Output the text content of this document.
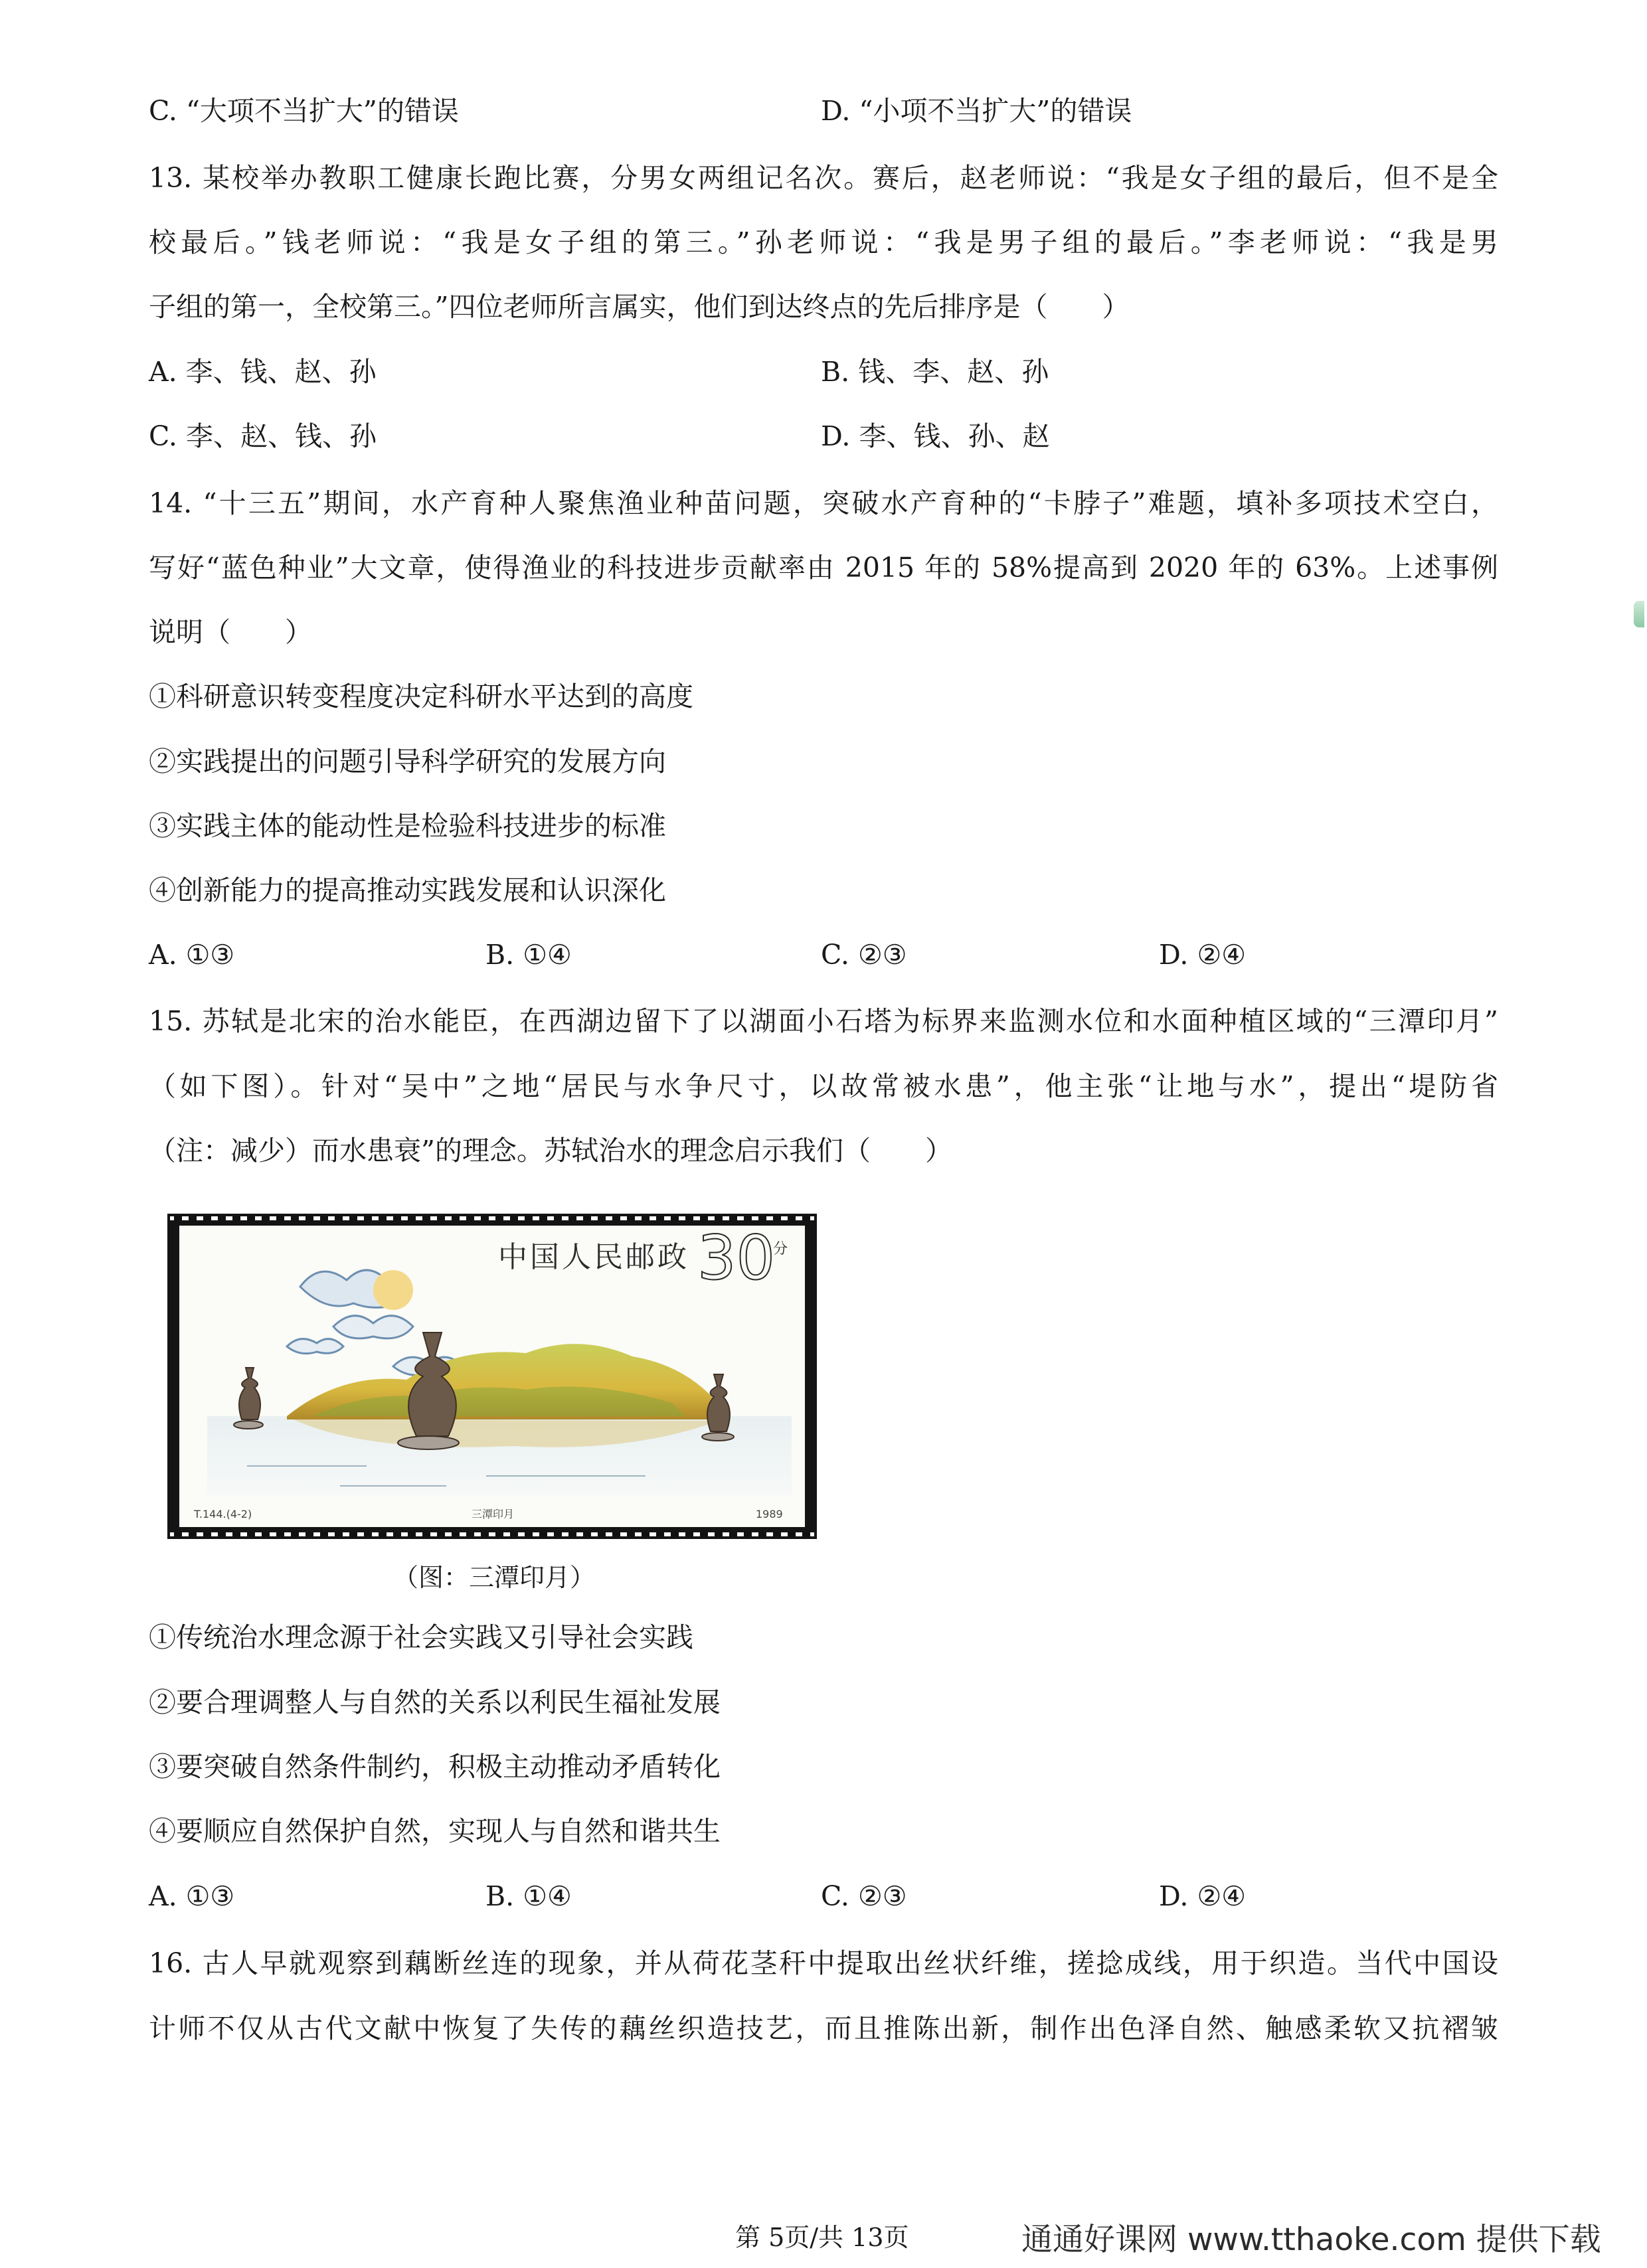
C. “大项不当扩大”的错误	D. “小项不当扩大”的错误
13. 某校举办教职工健康长跑比赛，分男女两组记名次。赛后，赵老师说：“我是女子组的最后，但不是全
校最后。”钱老师说：“我是女子组的第三。”孙老师说：“我是男子组的最后。”李老师说：“我是男
子组的第一，全校第三。”四位老师所言属实，他们到达终点的先后排序是（　　）
A. 李、钱、赵、孙	B. 钱、李、赵、孙
C. 李、赵、钱、孙	D. 李、钱、孙、赵
14. “十三五”期间，水产育种人聚焦渔业种苗问题，突破水产育种的“卡脖子”难题，填补多项技术空白，
写好“蓝色种业”大文章，使得渔业的科技进步贡献率由 2015 年的 58%提高到 2020 年的 63%。上述事例
说明（　　）
①科研意识转变程度决定科研水平达到的高度
②实践提出的问题引导科学研究的发展方向
③实践主体的能动性是检验科技进步的标准
④创新能力的提高推动实践发展和认识深化
A. ①③	B. ①④	C. ②③	D. ②④
15. 苏轼是北宋的治水能臣，在西湖边留下了以湖面小石塔为标界来监测水位和水面种植区域的“三潭印月”
（如下图）。针对“吴中”之地“居民与水争尺寸，以故常被水患”，他主张“让地与水”，提出“堤防省
（注：减少）而水患衰”的理念。苏轼治水的理念启示我们（　　）
中国人民邮政 30
分
T.144.(4-2)	三潭印月	1989
（图：三潭印月）
①传统治水理念源于社会实践又引导社会实践
②要合理调整人与自然的关系以利民生福祉发展
③要突破自然条件制约，积极主动推动矛盾转化
④要顺应自然保护自然，实现人与自然和谐共生
A. ①③	B. ①④	C. ②③	D. ②④
16. 古人早就观察到藕断丝连的现象，并从荷花茎秆中提取出丝状纤维，搓捻成线，用于织造。当代中国设
计师不仅从古代文献中恢复了失传的藕丝织造技艺，而且推陈出新，制作出色泽自然、触感柔软又抗褶皱
第 5页/共 13页	通通好课网 www.tthaoke.com 提供下载
